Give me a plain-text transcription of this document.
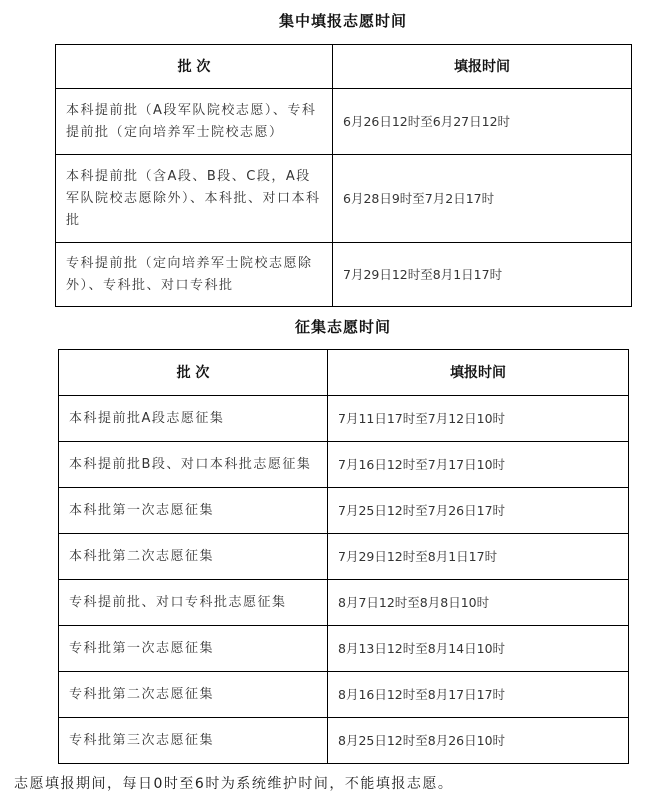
集中填报志愿时间
批 次	填报时间
本科提前批（A段军队院校志愿）、专科提前批（定向培养军士院校志愿）	6月26日12时至6月27日12时
本科提前批（含A段、B段、C段，A段军队院校志愿除外）、本科批、对口本科批	6月28日9时至7月2日17时
专科提前批（定向培养军士院校志愿除外）、专科批、对口专科批	7月29日12时至8月1日17时
征集志愿时间
批 次	填报时间
本科提前批A段志愿征集	7月11日17时至7月12日10时
本科提前批B段、对口本科批志愿征集	7月16日12时至7月17日10时
本科批第一次志愿征集	7月25日12时至7月26日17时
本科批第二次志愿征集	7月29日12时至8月1日17时
专科提前批、对口专科批志愿征集	8月7日12时至8月8日10时
专科批第一次志愿征集	8月13日12时至8月14日10时
专科批第二次志愿征集	8月16日12时至8月17日17时
专科批第三次志愿征集	8月25日12时至8月26日10时
志愿填报期间，每日0时至6时为系统维护时间，不能填报志愿。
